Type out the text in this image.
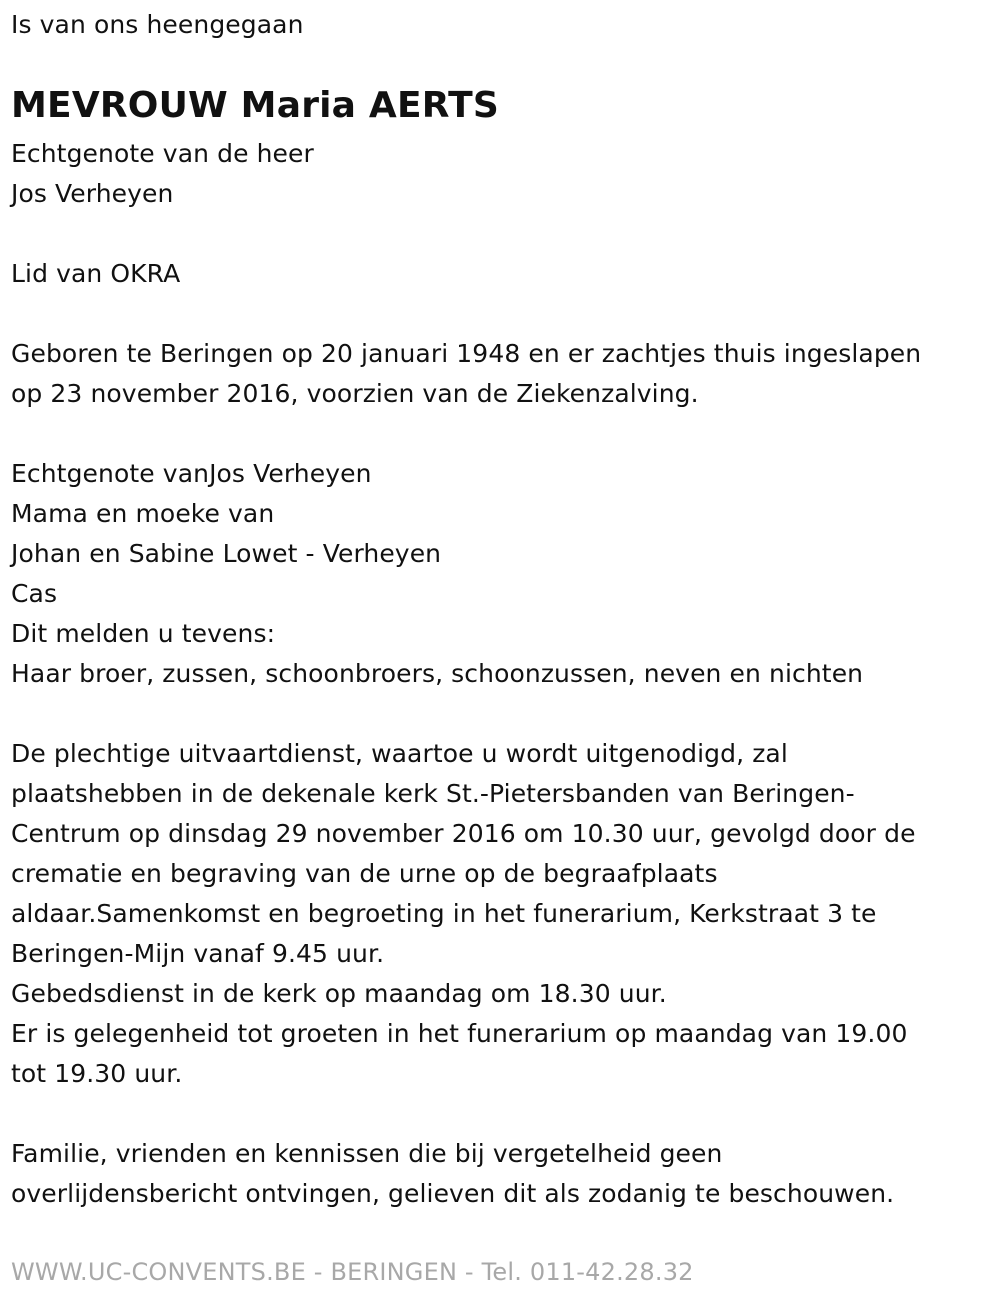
Is van ons heengegaan
MEVROUW Maria AERTS
Echtgenote van de heer
Jos Verheyen
Lid van OKRA
Geboren te Beringen op 20 januari 1948 en er zachtjes thuis ingeslapen
op 23 november 2016, voorzien van de Ziekenzalving.
Echtgenote vanJos Verheyen
Mama en moeke van
Johan en Sabine Lowet - Verheyen
Cas
Dit melden u tevens:
Haar broer, zussen, schoonbroers, schoonzussen, neven en nichten
De plechtige uitvaartdienst, waartoe u wordt uitgenodigd, zal
plaatshebben in de dekenale kerk St.-Pietersbanden van Beringen-
Centrum op dinsdag 29 november 2016 om 10.30 uur, gevolgd door de
crematie en begraving van de urne op de begraafplaats
aldaar.Samenkomst en begroeting in het funerarium, Kerkstraat 3 te
Beringen-Mijn vanaf 9.45 uur.
Gebedsdienst in de kerk op maandag om 18.30 uur.
Er is gelegenheid tot groeten in het funerarium op maandag van 19.00
tot 19.30 uur.
Familie, vrienden en kennissen die bij vergetelheid geen
overlijdensbericht ontvingen, gelieven dit als zodanig te beschouwen.
WWW.UC-CONVENTS.BE - BERINGEN - Tel. 011-42.28.32
